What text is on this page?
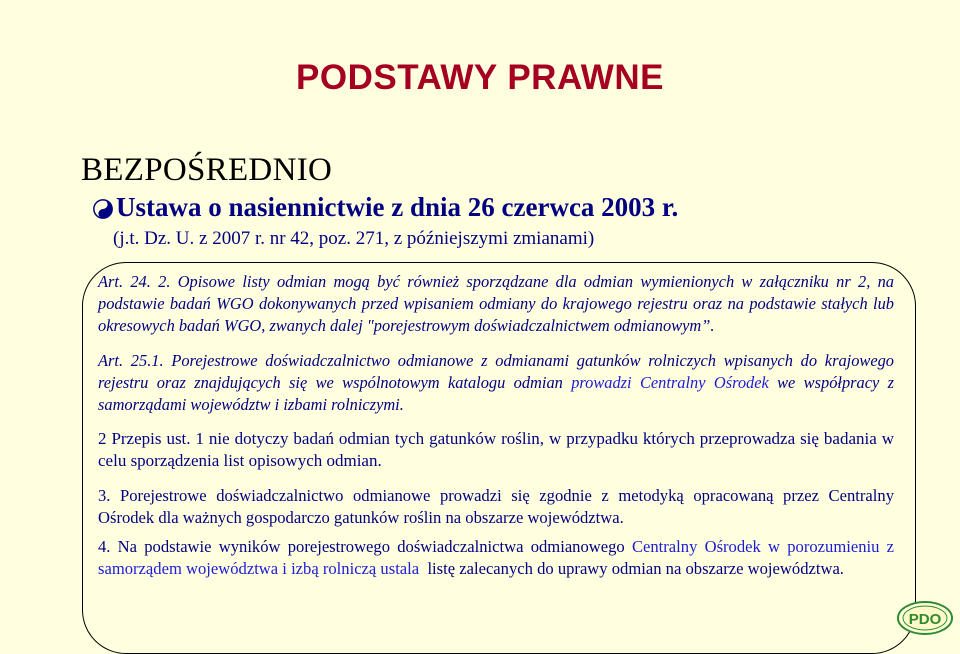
PODSTAWY PRAWNE
BEZPOŚREDNIO
Ustawa o nasiennictwie z dnia 26 czerwca 2003 r.
(j.t. Dz. U. z 2007 r. nr 42, poz. 271, z późniejszymi zmianami)
Art. 24. 2. Opisowe listy odmian mogą być również sporządzane dla odmian wymienionych w załączniku nr 2, na podstawie badań WGO dokonywanych przed wpisaniem odmiany do krajowego rejestru oraz na podstawie stałych lub okresowych badań WGO, zwanych dalej "porejestrowym doświadczalnictwem odmianowym”.
Art. 25.1. Porejestrowe doświadczalnictwo odmianowe z odmianami gatunków rolniczych wpisanych do krajowego rejestru oraz znajdujących się we wspólnotowym katalogu odmian prowadzi Centralny Ośrodek we współpracy z samorządami województw i izbami rolniczymi.
2 Przepis ust. 1 nie dotyczy badań odmian tych gatunków roślin, w przypadku których przeprowadza się badania w celu sporządzenia list opisowych odmian.
3. Porejestrowe doświadczalnictwo odmianowe prowadzi się zgodnie z metodyką opracowaną przez Centralny Ośrodek dla ważnych gospodarczo gatunków roślin na obszarze województwa.
4. Na podstawie wyników porejestrowego doświadczalnictwa odmianowego Centralny Ośrodek w porozumieniu z samorządem województwa i izbą rolniczą ustala  listę zalecanych do uprawy odmian na obszarze województwa.
PDO
